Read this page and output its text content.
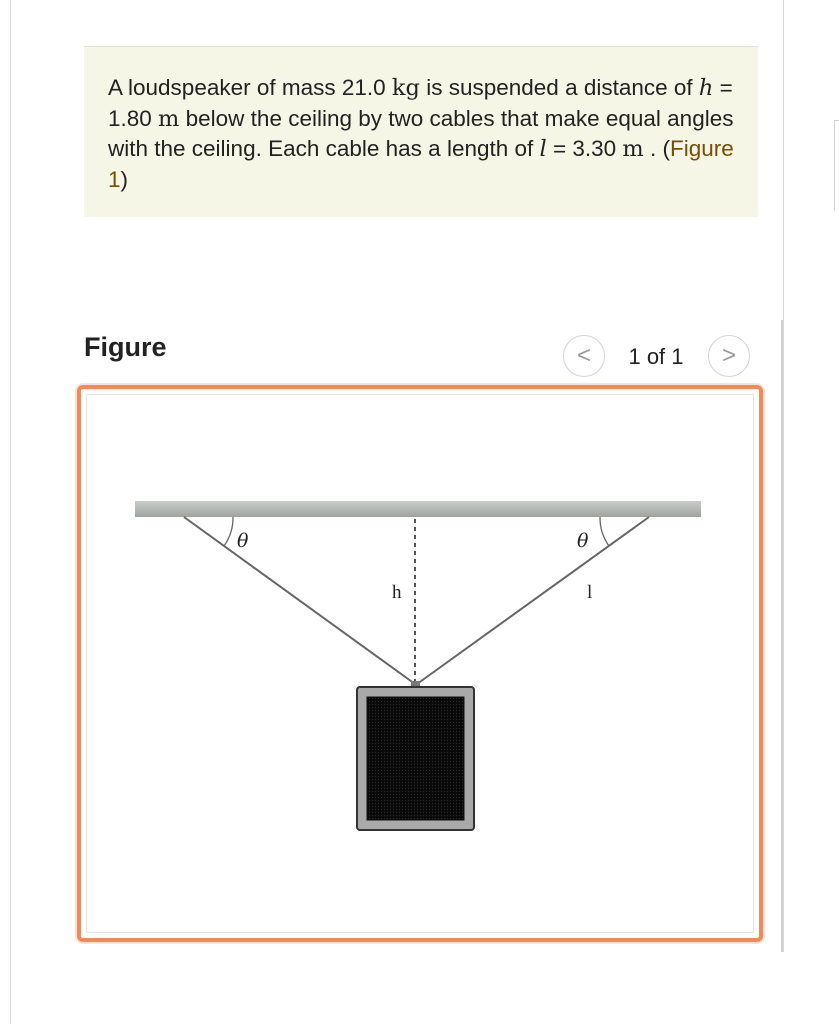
A loudspeaker of mass 21.0 kg is suspended a distance of h = 1.80 m below the ceiling by two cables that make equal angles with the ceiling. Each cable has a length of l = 3.30 m . (Figure 1)

Figure	<	1 of 1	>
θ	θ
h	l
